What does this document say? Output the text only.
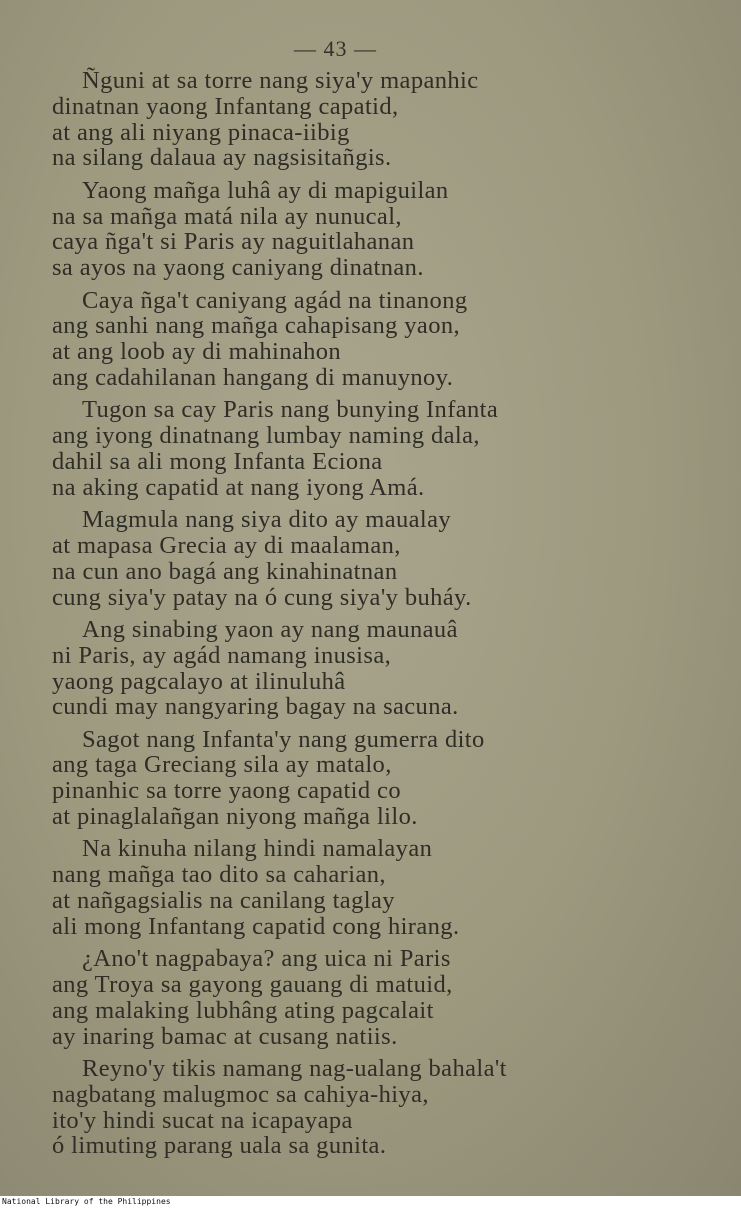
— 43 —
Ñguni at sa torre nang siya'y mapanhic
dinatnan yaong Infantang capatid,
at ang ali niyang pinaca-iibig
na silang dalaua ay nagsisitañgis.
Yaong mañga luhâ ay di mapiguilan
na sa mañga matá nila ay nunucal,
caya ñga't si Paris ay naguitlahanan
sa ayos na yaong caniyang dinatnan.
Caya ñga't caniyang agád na tinanong
ang sanhi nang mañga cahapisang yaon,
at ang loob ay di mahinahon
ang cadahilanan hangang di manuynoy.
Tugon sa cay Paris nang bunying Infanta
ang iyong dinatnang lumbay naming dala,
dahil sa ali mong Infanta Eciona
na aking capatid at nang iyong Amá.
Magmula nang siya dito ay maualay
at mapasa Grecia ay di maalaman,
na cun ano bagá ang kinahinatnan
cung siya'y patay na ó cung siya'y buháy.
Ang sinabing yaon ay nang maunauâ
ni Paris, ay agád namang inusisa,
yaong pagcalayo at ilinuluhâ
cundi may nangyaring bagay na sacuna.
Sagot nang Infanta'y nang gumerra dito
ang taga Greciang sila ay matalo,
pinanhic sa torre yaong capatid co
at pinaglalañgan niyong mañga lilo.
Na kinuha nilang hindi namalayan
nang mañga tao dito sa caharian,
at nañgagsialis na canilang taglay
ali mong Infantang capatid cong hirang.
¿Ano't nagpabaya? ang uica ni Paris
ang Troya sa gayong gauang di matuid,
ang malaking lubhâng ating pagcalait
ay inaring bamac at cusang natiis.
Reyno'y tikis namang nag-ualang bahala't
nagbatang malugmoc sa cahiya-hiya,
ito'y hindi sucat na icapayapa
ó limuting parang uala sa gunita.
National Library of the Philippines
